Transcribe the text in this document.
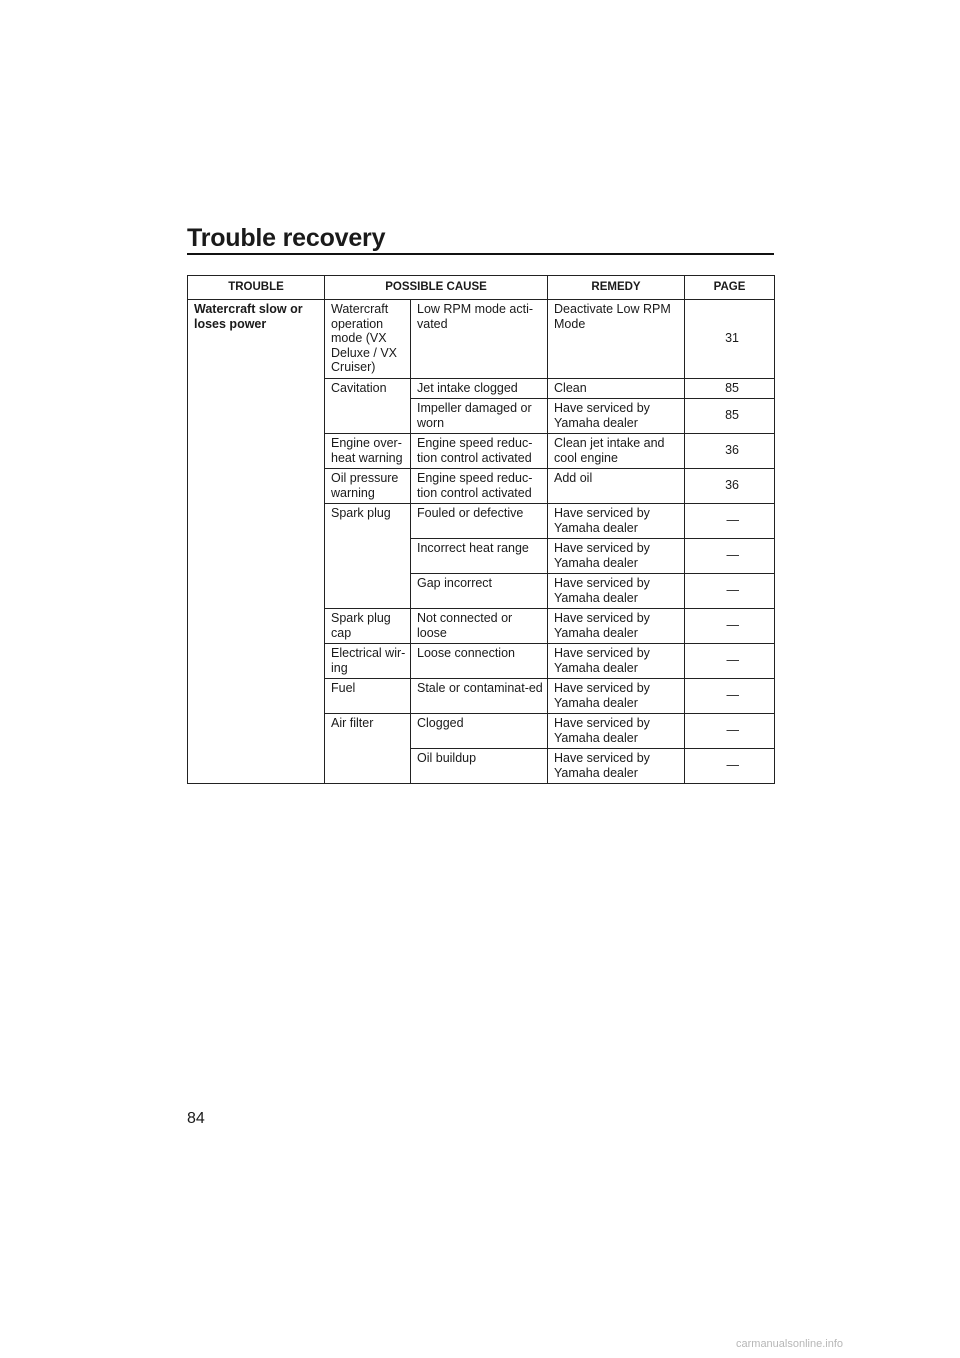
Trouble recovery
TROUBLE	POSSIBLE CAUSE		REMEDY	PAGE
Watercraft slow or loses power	Watercraft operation mode (VX Deluxe / VX Cruiser)	Low RPM mode acti-vated	Deactivate Low RPM Mode	31
	Cavitation	Jet intake clogged	Clean	85
		Impeller damaged or worn	Have serviced by Yamaha dealer	85
	Engine over-heat warning	Engine speed reduc-tion control activated	Clean jet intake and cool engine	36
	Oil pressure warning	Engine speed reduc-tion control activated	Add oil	36
	Spark plug	Fouled or defective	Have serviced by Yamaha dealer	—
		Incorrect heat range	Have serviced by Yamaha dealer	—
		Gap incorrect	Have serviced by Yamaha dealer	—
	Spark plug cap	Not connected or loose	Have serviced by Yamaha dealer	—
	Electrical wir-ing	Loose connection	Have serviced by Yamaha dealer	—
	Fuel	Stale or contaminat-ed	Have serviced by Yamaha dealer	—
	Air filter	Clogged	Have serviced by Yamaha dealer	—
		Oil buildup	Have serviced by Yamaha dealer	—
84
carmanualsonline.info
